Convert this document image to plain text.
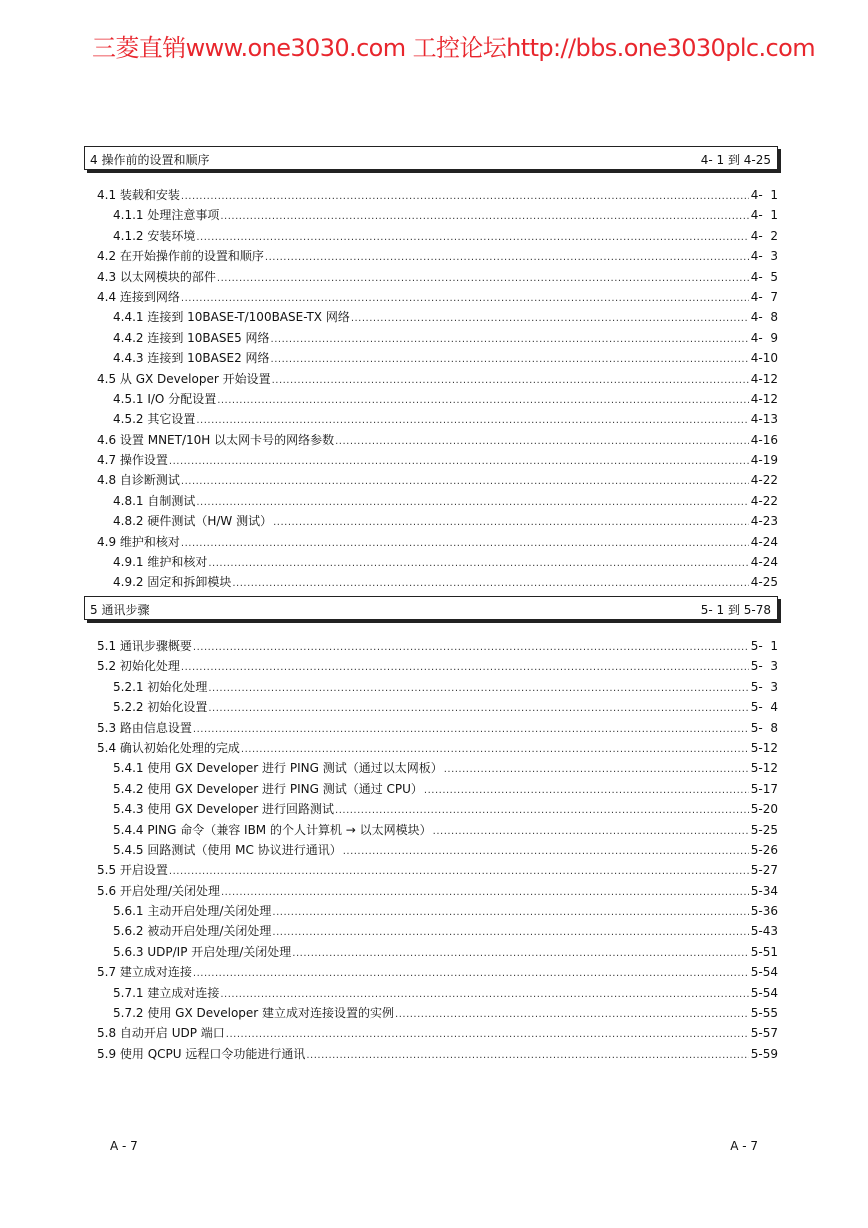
三菱直销www.one3030.com 工控论坛http://bbs.one3030plc.com
4 操作前的设置和顺序	4- 1 到 4-25
4.1 装载和安装 .....	4-  1
4.1.1 处理注意事项 .....	4-  1
4.1.2 安装环境 .....	4-  2
4.2 在开始操作前的设置和顺序 .....	4-  3
4.3 以太网模块的部件 .....	4-  5
4.4 连接到网络 .....	4-  7
4.4.1 连接到 10BASE-T/100BASE-TX 网络 .....	4-  8
4.4.2 连接到 10BASE5 网络 .....	4-  9
4.4.3 连接到 10BASE2 网络 .....	4-10
4.5 从 GX Developer 开始设置 .....	4-12
4.5.1 I/O 分配设置 .....	4-12
4.5.2 其它设置 .....	4-13
4.6 设置 MNET/10H 以太网卡号的网络参数 .....	4-16
4.7 操作设置 .....	4-19
4.8 自诊断测试 .....	4-22
4.8.1 自制测试 .....	4-22
4.8.2 硬件测试（H/W 测试） .....	4-23
4.9 维护和核对 .....	4-24
4.9.1 维护和核对 .....	4-24
4.9.2 固定和拆卸模块 .....	4-25
5 通讯步骤	5- 1 到 5-78
5.1 通讯步骤概要 .....	5-  1
5.2 初始化处理 .....	5-  3
5.2.1 初始化处理 .....	5-  3
5.2.2 初始化设置 .....	5-  4
5.3 路由信息设置 .....	5-  8
5.4 确认初始化处理的完成 .....	5-12
5.4.1 使用 GX Developer 进行 PING 测试（通过以太网板） .....	5-12
5.4.2 使用 GX Developer 进行 PING 测试（通过 CPU） .....	5-17
5.4.3 使用 GX Developer 进行回路测试 .....	5-20
5.4.4 PING 命令（兼容 IBM 的个人计算机 → 以太网模块） .....	5-25
5.4.5 回路测试（使用 MC 协议进行通讯） .....	5-26
5.5 开启设置 .....	5-27
5.6 开启处理/关闭处理 .....	5-34
5.6.1 主动开启处理/关闭处理 .....	5-36
5.6.2 被动开启处理/关闭处理 .....	5-43
5.6.3 UDP/IP 开启处理/关闭处理 .....	5-51
5.7 建立成对连接 .....	5-54
5.7.1 建立成对连接 .....	5-54
5.7.2 使用 GX Developer 建立成对连接设置的实例 .....	5-55
5.8 自动开启 UDP 端口 .....	5-57
5.9 使用 QCPU 远程口令功能进行通讯 .....	5-59
A - 7	A - 7
